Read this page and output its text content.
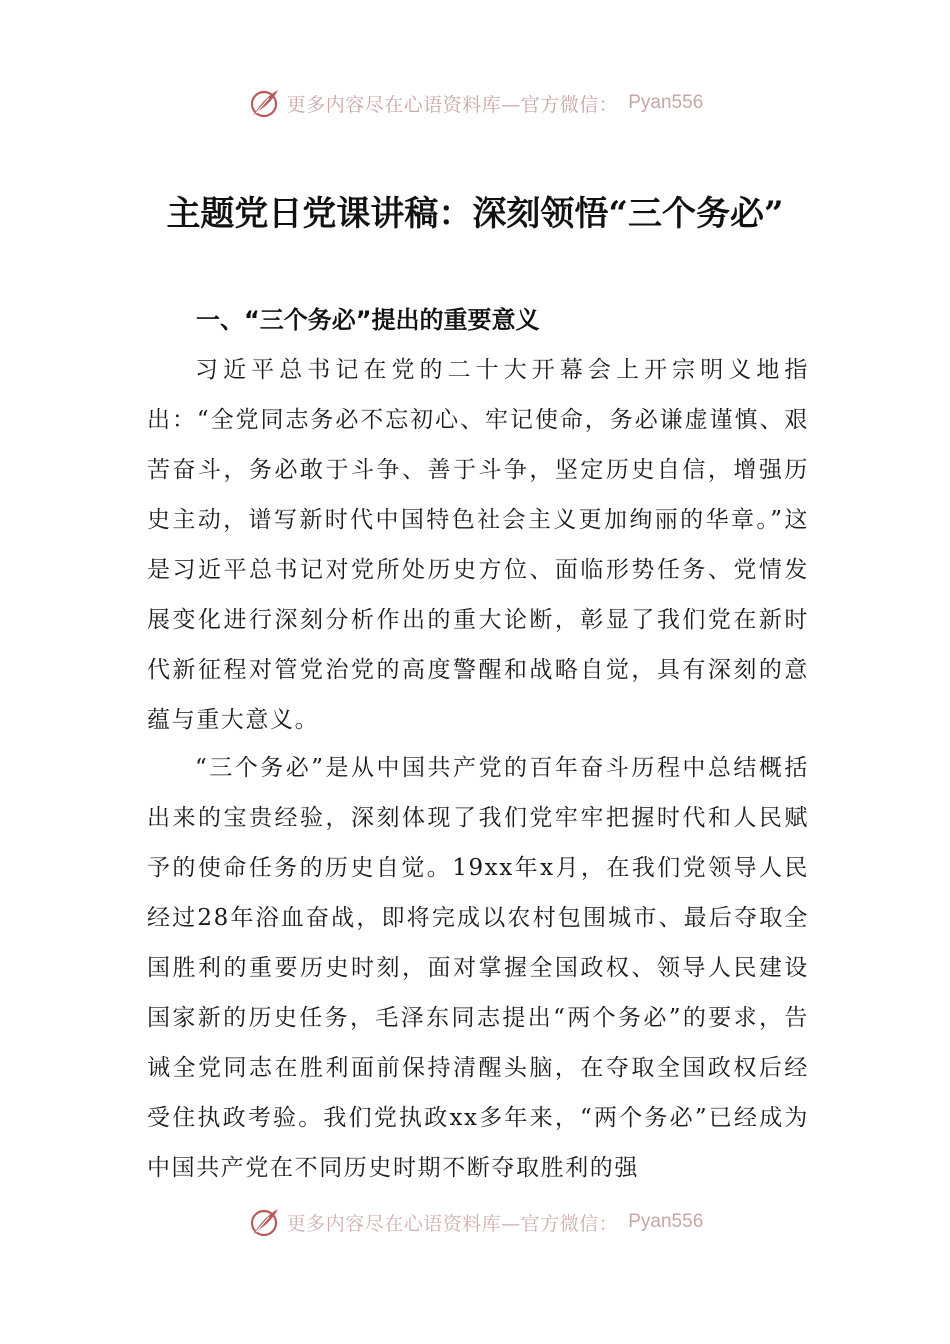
更多内容尽在心语资料库—官方微信： Pyan556
主题党日党课讲稿：深刻领悟“三个务必”
一、“三个务必”提出的重要意义

习近平总书记在党的二十大开幕会上开宗明义地指出：“全党同志务必不忘初心、牢记使命，务必谦虚谨慎、艰苦奋斗，务必敢于斗争、善于斗争，坚定历史自信，增强历史主动，谱写新时代中国特色社会主义更加绚丽的华章。”这是习近平总书记对党所处历史方位、面临形势任务、党情发展变化进行深刻分析作出的重大论断，彰显了我们党在新时代新征程对管党治党的高度警醒和战略自觉，具有深刻的意蕴与重大意义。

“三个务必”是从中国共产党的百年奋斗历程中总结概括出来的宝贵经验，深刻体现了我们党牢牢把握时代和人民赋予的使命任务的历史自觉。19xx年x月，在我们党领导人民经过28年浴血奋战，即将完成以农村包围城市、最后夺取全国胜利的重要历史时刻，面对掌握全国政权、领导人民建设国家新的历史任务，毛泽东同志提出“两个务必”的要求，告诫全党同志在胜利面前保持清醒头脑，在夺取全国政权后经受住执政考验。我们党执政xx多年来，“两个务必”已经成为中国共产党在不同历史时期不断夺取胜利的强

更多内容尽在心语资料库—官方微信： Pyan556
